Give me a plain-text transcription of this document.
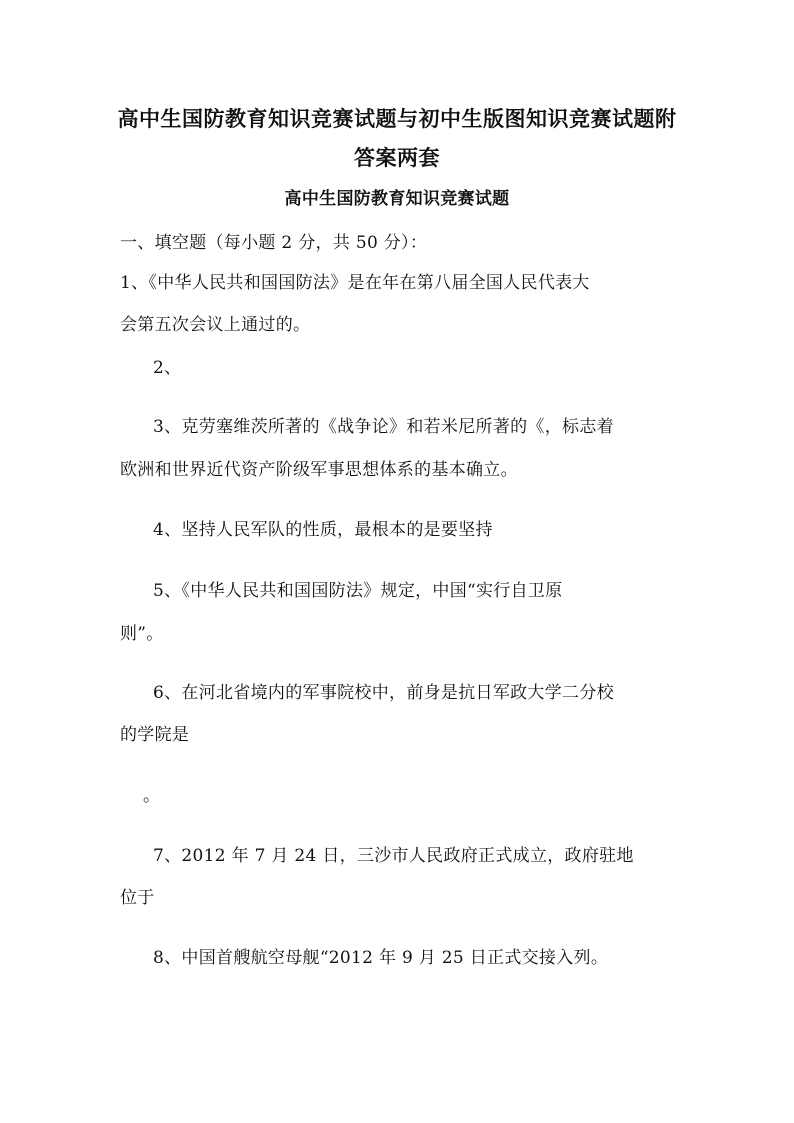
高中生国防教育知识竞赛试题与初中生版图知识竞赛试题附
答案两套
高中生国防教育知识竞赛试题

一、填空题（每小题 2 分，共 50 分）：

1、《中华人民共和国国防法》是在年在第八届全国人民代表大

会第五次会议上通过的。

2、

3、克劳塞维茨所著的《战争论》和若米尼所著的《，标志着

欧洲和世界近代资产阶级军事思想体系的基本确立。

4、坚持人民军队的性质，最根本的是要坚持

5、《中华人民共和国国防法》规定，中国“实行自卫原

则”。

6、在河北省境内的军事院校中，前身是抗日军政大学二分校

的学院是

。

7、2012 年 7 月 24 日，三沙市人民政府正式成立，政府驻地

位于

8、中国首艘航空母舰“2012 年 9 月 25 日正式交接入列。
